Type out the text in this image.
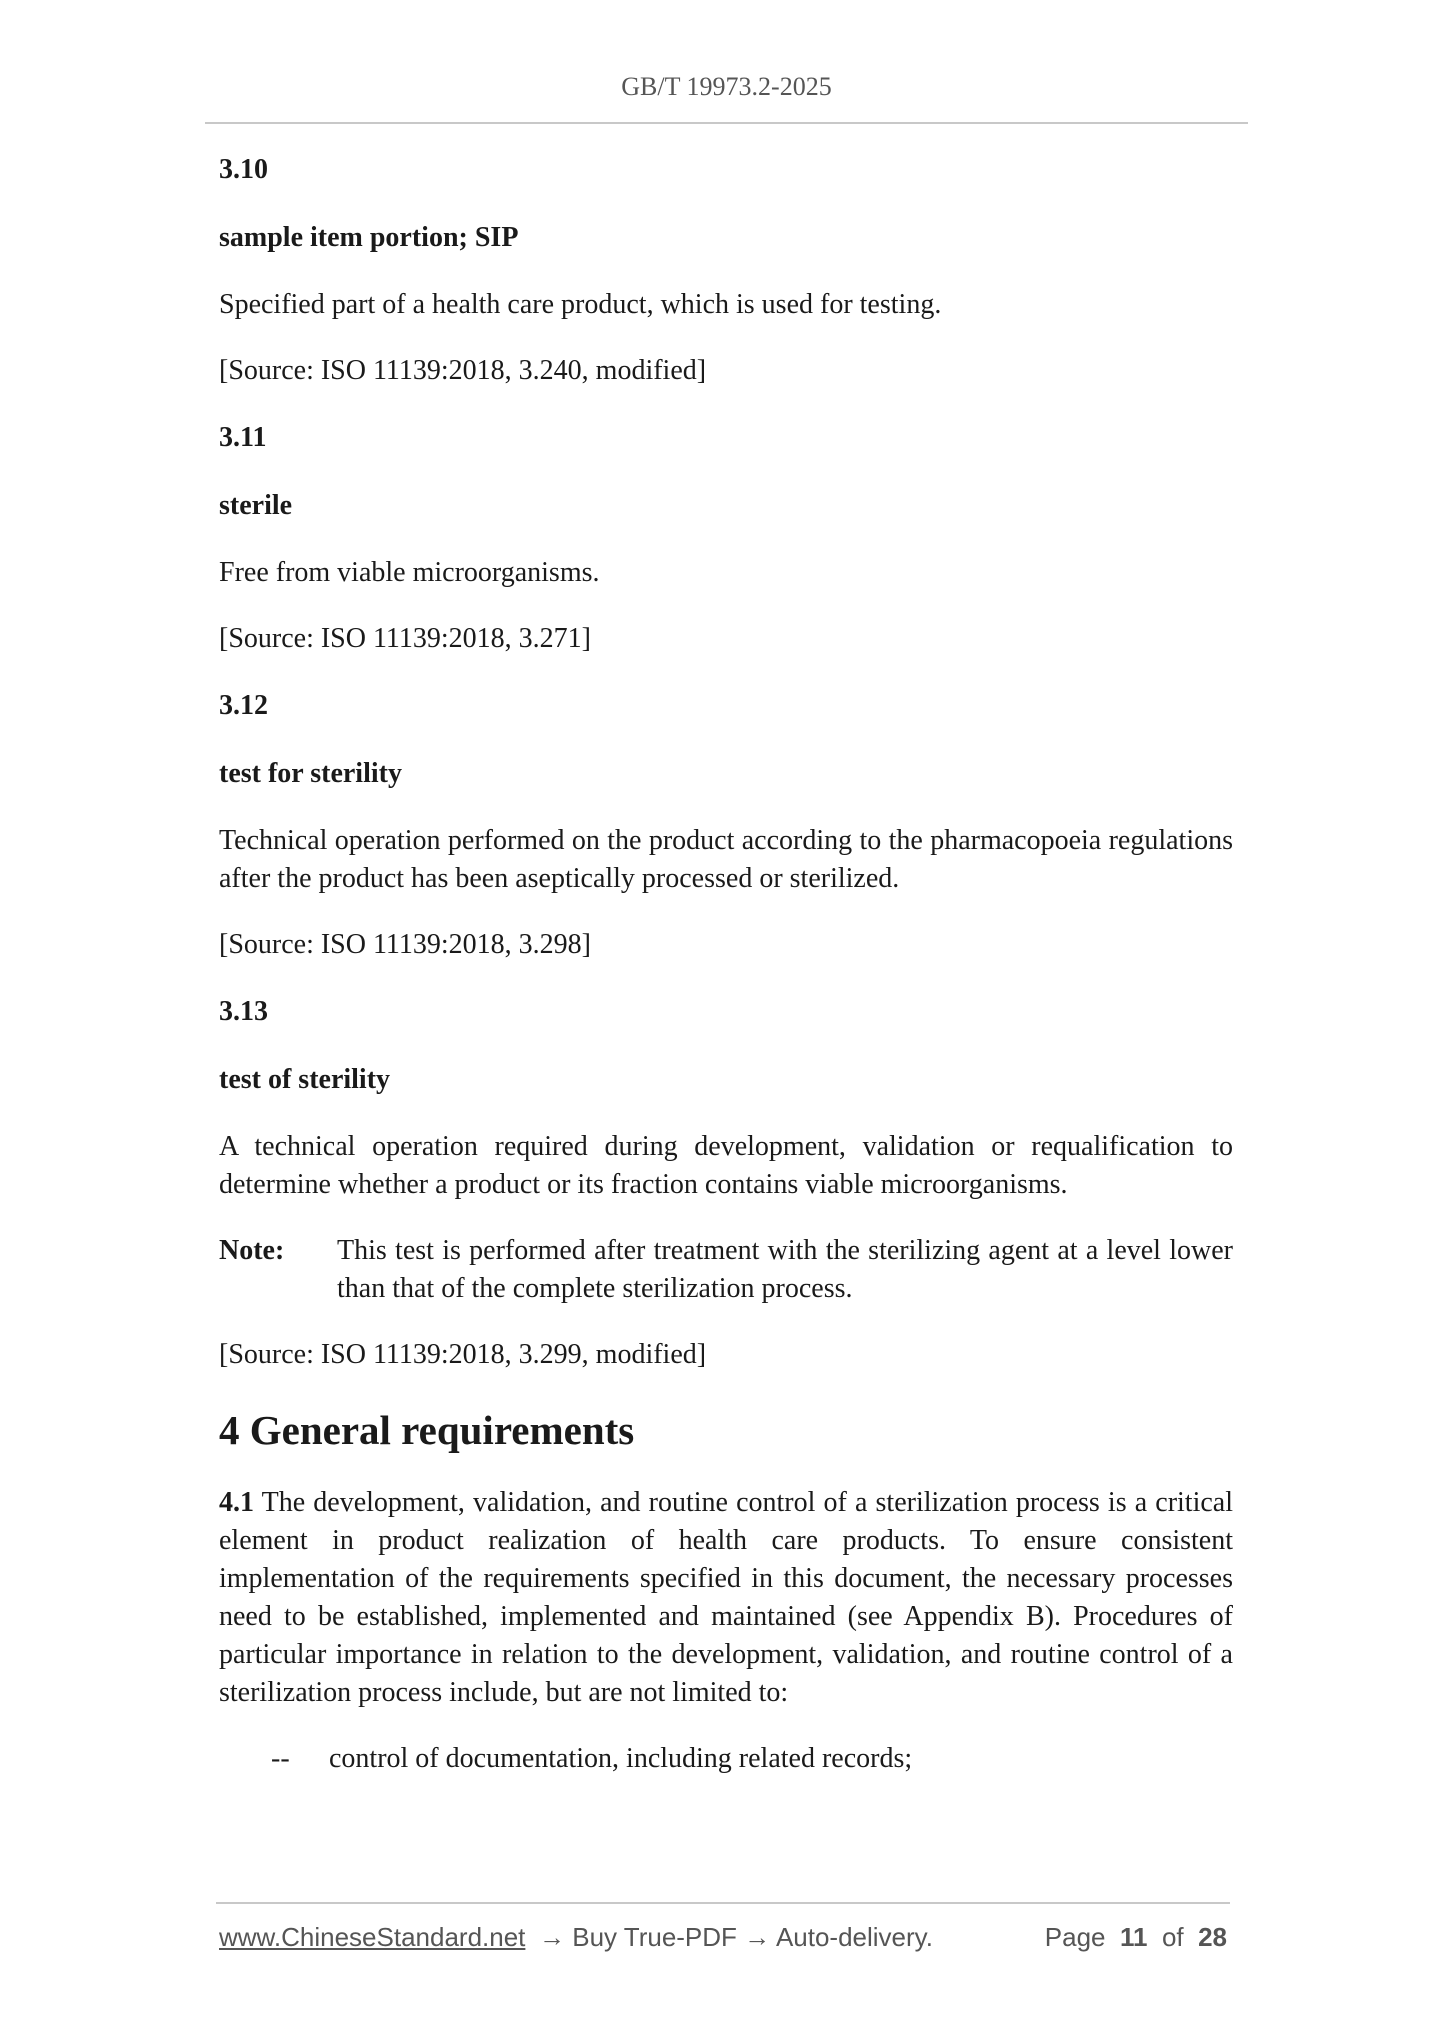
GB/T 19973.2-2025
3.10
sample item portion; SIP
Specified part of a health care product, which is used for testing.
[Source: ISO 11139:2018, 3.240, modified]
3.11
sterile
Free from viable microorganisms.
[Source: ISO 11139:2018, 3.271]
3.12
test for sterility
Technical operation performed on the product according to the pharmacopoeia regulations after the product has been aseptically processed or sterilized.
[Source: ISO 11139:2018, 3.298]
3.13
test of sterility
A technical operation required during development, validation or requalification to determine whether a product or its fraction contains viable microorganisms.
Note:	This test is performed after treatment with the sterilizing agent at a level lower than that of the complete sterilization process.
[Source: ISO 11139:2018, 3.299, modified]
4 General requirements
4.1 The development, validation, and routine control of a sterilization process is a critical element in product realization of health care products. To ensure consistent implementation of the requirements specified in this document, the necessary processes need to be established, implemented and maintained (see Appendix B). Procedures of particular importance in relation to the development, validation, and routine control of a sterilization process include, but are not limited to:
--	control of documentation, including related records;
www.ChineseStandard.net → Buy True-PDF → Auto-delivery.	Page 11 of 28
